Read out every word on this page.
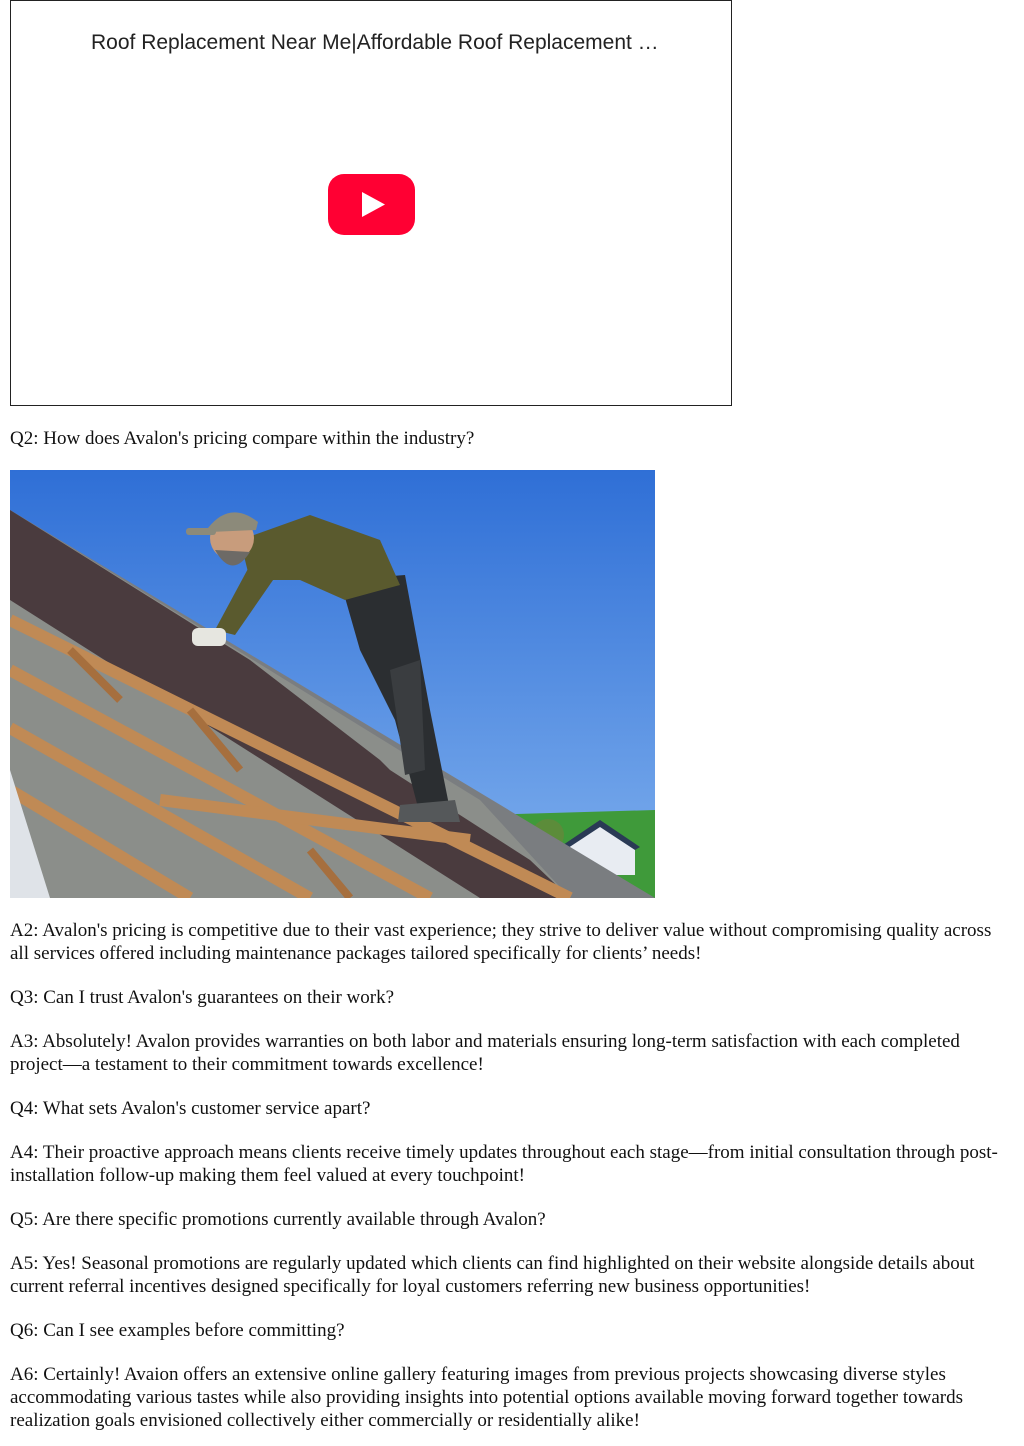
Roof Replacement Near Me|Affordable Roof Replacement …

Q2: How does Avalon's pricing compare within the industry?

A2: Avalon's pricing is competitive due to their vast experience; they strive to deliver value without compromising quality across all services offered including maintenance packages tailored specifically for clients’ needs!

Q3: Can I trust Avalon's guarantees on their work?

A3: Absolutely! Avalon provides warranties on both labor and materials ensuring long-term satisfaction with each completed project—a testament to their commitment towards excellence!

Q4: What sets Avalon's customer service apart?

A4: Their proactive approach means clients receive timely updates throughout each stage—from initial consultation through post-installation follow-up making them feel valued at every touchpoint!

Q5: Are there specific promotions currently available through Avalon?

A5: Yes! Seasonal promotions are regularly updated which clients can find highlighted on their website alongside details about current referral incentives designed specifically for loyal customers referring new business opportunities!

Q6: Can I see examples before committing?

A6: Certainly! Avaion offers an extensive online gallery featuring images from previous projects showcasing diverse styles accommodating various tastes while also providing insights into potential options available moving forward together towards realization goals envisioned collectively either commercially or residentially alike!
